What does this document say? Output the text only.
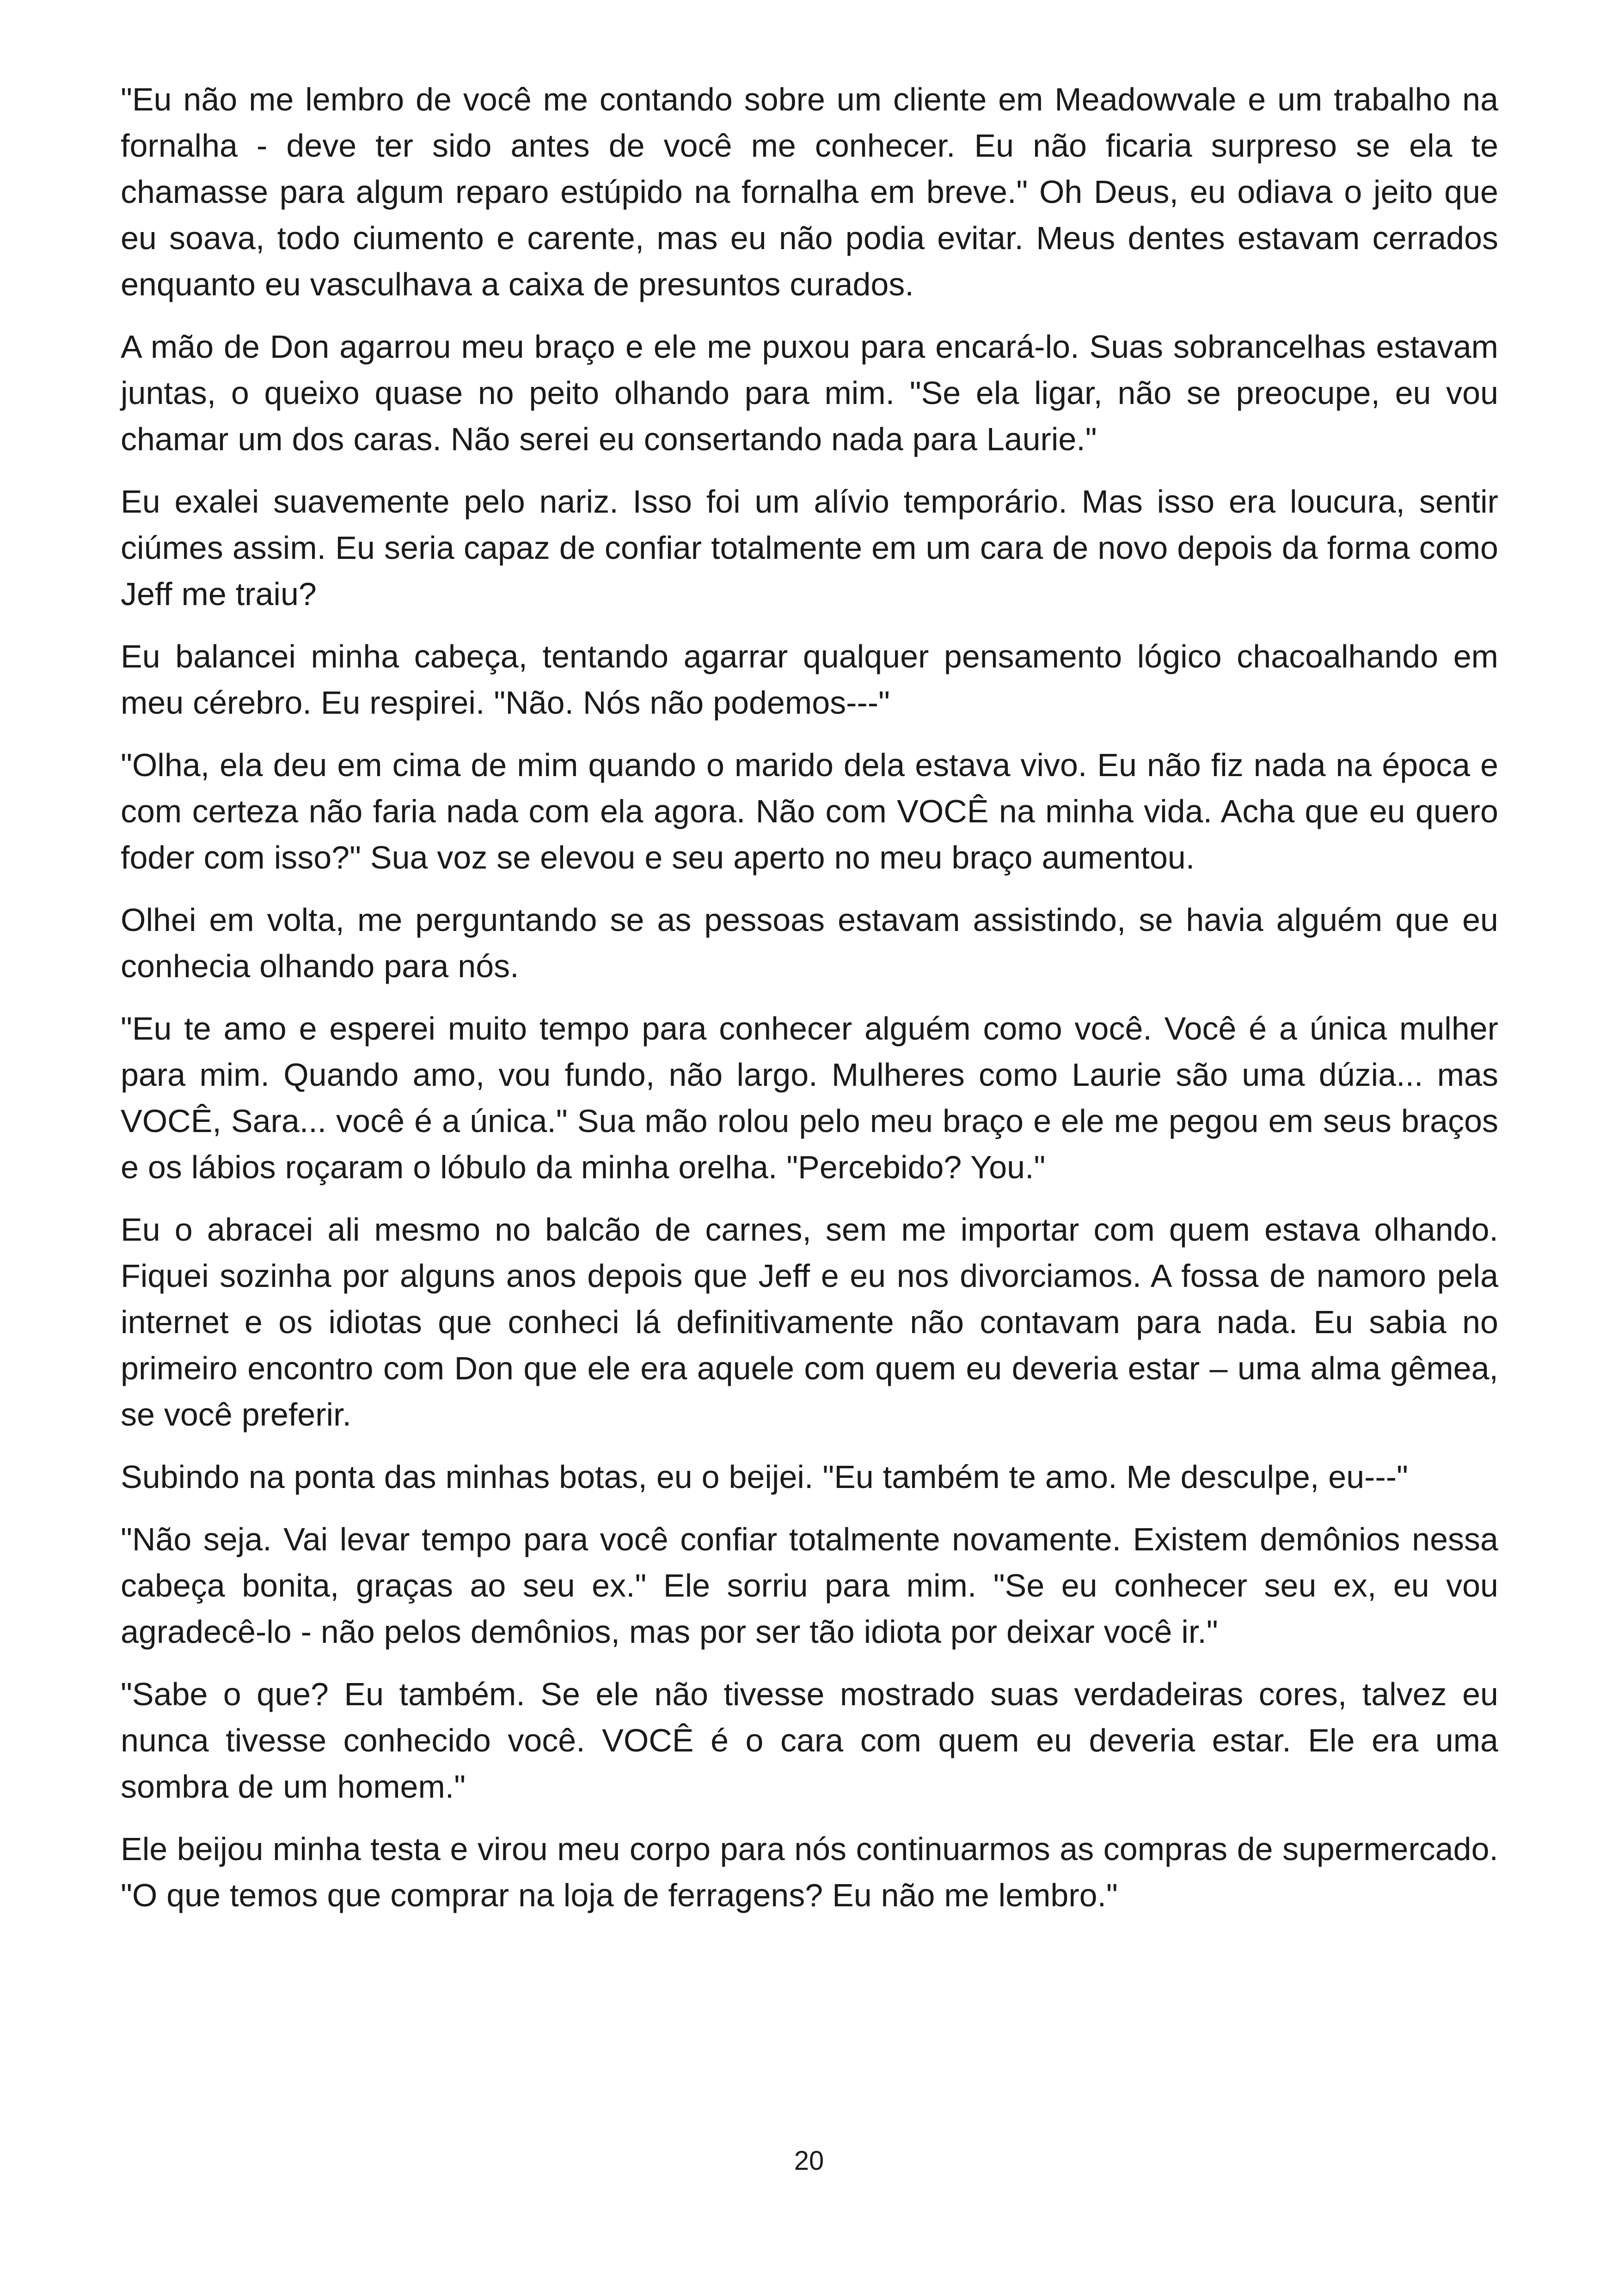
"Eu não me lembro de você me contando sobre um cliente em Meadowvale e um trabalho na fornalha - deve ter sido antes de você me conhecer. Eu não ficaria surpreso se ela te chamasse para algum reparo estúpido na fornalha em breve." Oh Deus, eu odiava o jeito que eu soava, todo ciumento e carente, mas eu não podia evitar. Meus dentes estavam cerrados enquanto eu vasculhava a caixa de presuntos curados.

A mão de Don agarrou meu braço e ele me puxou para encará-lo. Suas sobrancelhas estavam juntas, o queixo quase no peito olhando para mim. "Se ela ligar, não se preocupe, eu vou chamar um dos caras. Não serei eu consertando nada para Laurie."

Eu exalei suavemente pelo nariz. Isso foi um alívio temporário. Mas isso era loucura, sentir ciúmes assim. Eu seria capaz de confiar totalmente em um cara de novo depois da forma como Jeff me traiu?

Eu balancei minha cabeça, tentando agarrar qualquer pensamento lógico chacoalhando em meu cérebro. Eu respirei. "Não. Nós não podemos---"

"Olha, ela deu em cima de mim quando o marido dela estava vivo. Eu não fiz nada na época e com certeza não faria nada com ela agora. Não com VOCÊ na minha vida. Acha que eu quero foder com isso?" Sua voz se elevou e seu aperto no meu braço aumentou.

Olhei em volta, me perguntando se as pessoas estavam assistindo, se havia alguém que eu conhecia olhando para nós.

"Eu te amo e esperei muito tempo para conhecer alguém como você. Você é a única mulher para mim. Quando amo, vou fundo, não largo. Mulheres como Laurie são uma dúzia... mas VOCÊ, Sara... você é a única." Sua mão rolou pelo meu braço e ele me pegou em seus braços e os lábios roçaram o lóbulo da minha orelha. "Percebido? You."

Eu o abracei ali mesmo no balcão de carnes, sem me importar com quem estava olhando. Fiquei sozinha por alguns anos depois que Jeff e eu nos divorciamos. A fossa de namoro pela internet e os idiotas que conheci lá definitivamente não contavam para nada. Eu sabia no primeiro encontro com Don que ele era aquele com quem eu deveria estar – uma alma gêmea, se você preferir.

Subindo na ponta das minhas botas, eu o beijei. "Eu também te amo. Me desculpe, eu---"

"Não seja. Vai levar tempo para você confiar totalmente novamente. Existem demônios nessa cabeça bonita, graças ao seu ex." Ele sorriu para mim. "Se eu conhecer seu ex, eu vou agradecê-lo - não pelos demônios, mas por ser tão idiota por deixar você ir."

"Sabe o que? Eu também. Se ele não tivesse mostrado suas verdadeiras cores, talvez eu nunca tivesse conhecido você. VOCÊ é o cara com quem eu deveria estar. Ele era uma sombra de um homem."

Ele beijou minha testa e virou meu corpo para nós continuarmos as compras de supermercado. "O que temos que comprar na loja de ferragens? Eu não me lembro."

20
